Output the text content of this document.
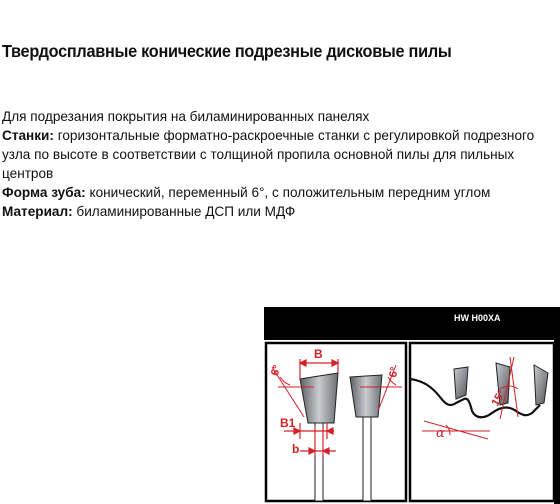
Твердосплавные конические подрезные дисковые пилы

Для подрезания покрытия на биламинированных панелях

Станки: горизонтальные форматно-раскроечные станки с регулировкой подрезного узла по высоте в соответствии с толщиной пропила основной пилы для пильных центров

Форма зуба: конический, переменный 6°, с положительным передним углом

Материал: биламинированные ДСП или МДФ

HW H00XA
B
6°	6°
B1
b
15°
α
